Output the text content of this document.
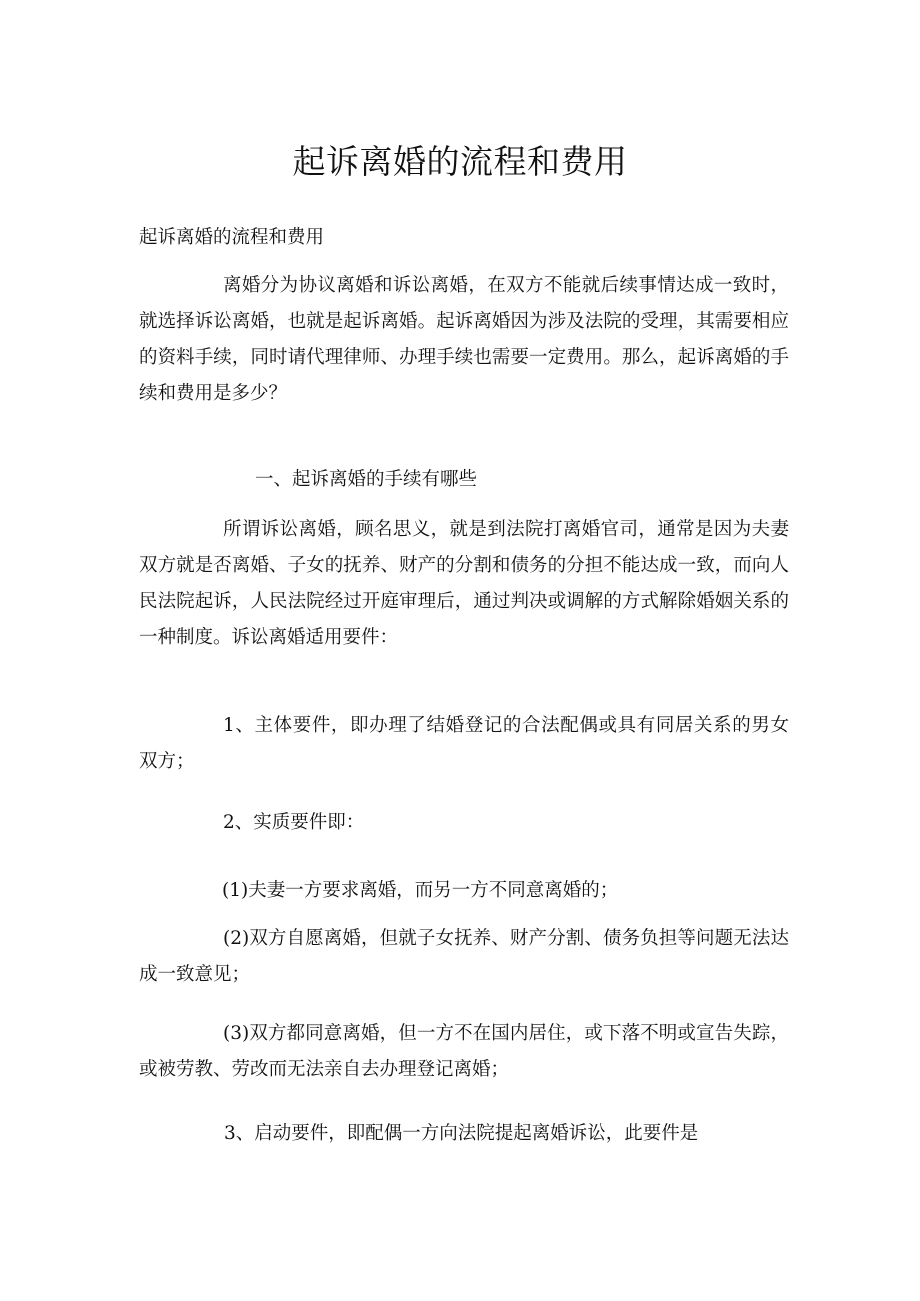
起诉离婚的流程和费用

起诉离婚的流程和费用

离婚分为协议离婚和诉讼离婚，在双方不能就后续事情达成一致时，就选择诉讼离婚，也就是起诉离婚。起诉离婚因为涉及法院的受理，其需要相应的资料手续，同时请代理律师、办理手续也需要一定费用。那么，起诉离婚的手续和费用是多少？

一、起诉离婚的手续有哪些

所谓诉讼离婚，顾名思义，就是到法院打离婚官司，通常是因为夫妻双方就是否离婚、子女的抚养、财产的分割和债务的分担不能达成一致，而向人民法院起诉，人民法院经过开庭审理后，通过判决或调解的方式解除婚姻关系的一种制度。诉讼离婚适用要件：

1、主体要件，即办理了结婚登记的合法配偶或具有同居关系的男女双方；

2、实质要件即：

(1)夫妻一方要求离婚，而另一方不同意离婚的；

(2)双方自愿离婚，但就子女抚养、财产分割、债务负担等问题无法达成一致意见；

(3)双方都同意离婚，但一方不在国内居住，或下落不明或宣告失踪，或被劳教、劳改而无法亲自去办理登记离婚；

3、启动要件，即配偶一方向法院提起离婚诉讼，此要件是
